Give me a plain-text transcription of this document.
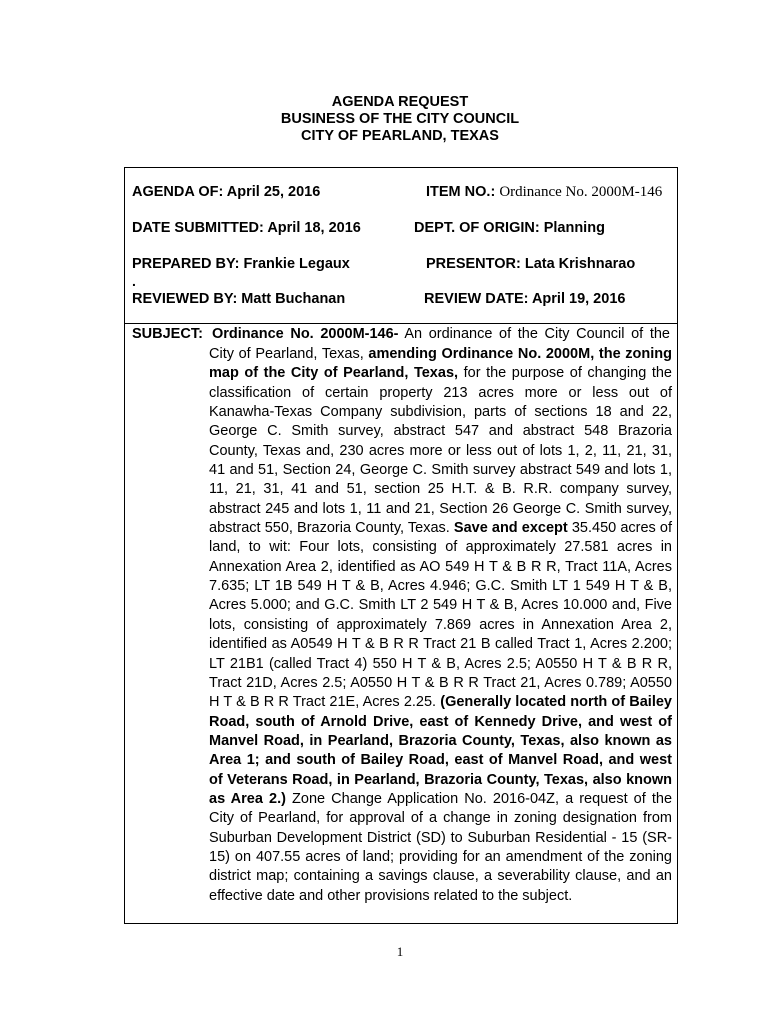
AGENDA REQUEST
BUSINESS OF THE CITY COUNCIL
CITY OF PEARLAND, TEXAS
AGENDA OF: April 25, 2016	ITEM NO.: Ordinance No. 2000M-146
DATE SUBMITTED: April 18, 2016	DEPT. OF ORIGIN: Planning
PREPARED BY: Frankie Legaux	PRESENTOR: Lata Krishnarao
.
REVIEWED BY: Matt Buchanan	REVIEW DATE: April 19, 2016
SUBJECT: Ordinance No. 2000M-146- An ordinance of the City Council of the
City of Pearland, Texas, amending Ordinance No. 2000M, the zoning map of the City of Pearland, Texas, for the purpose of changing the classification of certain property 213 acres more or less out of Kanawha-Texas Company subdivision, parts of sections 18 and 22, George C. Smith survey, abstract 547 and abstract 548 Brazoria County, Texas and, 230 acres more or less out of lots 1, 2, 11, 21, 31, 41 and 51, Section 24, George C. Smith survey abstract 549 and lots 1, 11, 21, 31, 41 and 51, section 25 H.T. & B. R.R. company survey, abstract 245 and lots 1, 11 and 21, Section 26 George C. Smith survey, abstract 550, Brazoria County, Texas. Save and except 35.450 acres of land, to wit: Four lots, consisting of approximately 27.581 acres in Annexation Area 2, identified as AO 549 H T & B R R, Tract 11A, Acres 7.635; LT 1B 549 H T & B, Acres 4.946; G.C. Smith LT 1 549 H T & B, Acres 5.000; and G.C. Smith LT 2 549 H T & B, Acres 10.000 and, Five lots, consisting of approximately 7.869 acres in Annexation Area 2, identified as A0549 H T & B R R Tract 21 B called Tract 1, Acres 2.200; LT 21B1 (called Tract 4) 550 H T & B, Acres 2.5; A0550 H T & B R R, Tract 21D, Acres 2.5; A0550 H T & B R R Tract 21, Acres 0.789; A0550 H T & B R R Tract 21E, Acres 2.25. (Generally located north of Bailey Road, south of Arnold Drive, east of Kennedy Drive, and west of Manvel Road, in Pearland, Brazoria County, Texas, also known as Area 1; and south of Bailey Road, east of Manvel Road, and west of Veterans Road, in Pearland, Brazoria County, Texas, also known as Area 2.) Zone Change Application No. 2016-04Z, a request of the City of Pearland, for approval of a change in zoning designation from Suburban Development District (SD) to Suburban Residential - 15 (SR-15) on 407.55 acres of land; providing for an amendment of the zoning district map; containing a savings clause, a severability clause, and an effective date and other provisions related to the subject.
1
